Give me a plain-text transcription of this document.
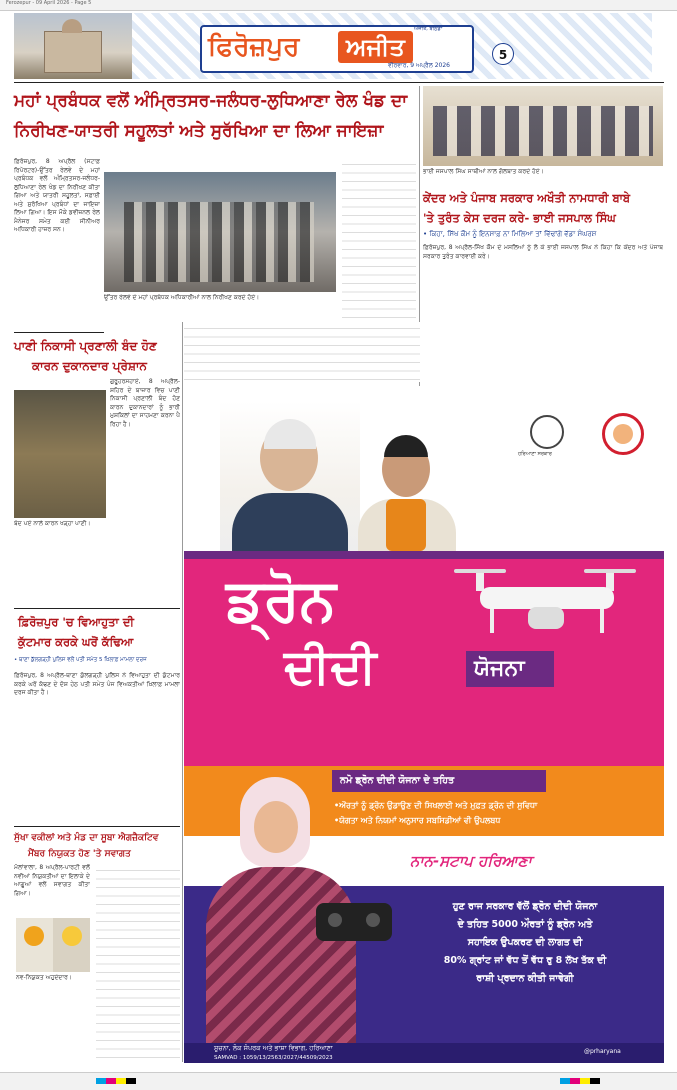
Ferozepur - 09 April 2026 - Page 5
ਫਿਰੋਜ਼ਪੁਰ	ਅਜੀਤ
ਅਜੀਤ, ਬਠਿੰਡਾ
ਵੀਰਵਾਰ, 9 ਅਪ੍ਰੈਲ 2026
5
ਮਹਾਂ ਪ੍ਰਬੰਧਕ ਵਲੋਂ ਅੰਮ੍ਰਿਤਸਰ-ਜਲੰਧਰ-ਲੁਧਿਆਣਾ ਰੇਲ ਖੰਡ ਦਾ
ਨਿਰੀਖਣ-ਯਾਤਰੀ ਸਹੂਲਤਾਂ ਅਤੇ ਸੁਰੱਖਿਆ ਦਾ ਲਿਆ ਜਾਇਜ਼ਾ
ਭਾਈ ਜਸਪਾਲ ਸਿੰਘ ਸਾਥੀਆਂ ਨਾਲ ਗੱਲਬਾਤ ਕਰਦੇ ਹੋਏ।
ਕੇਂਦਰ ਅਤੇ ਪੰਜਾਬ ਸਰਕਾਰ ਅਖੌਤੀ ਨਾਮਧਾਰੀ ਬਾਬੇ
'ਤੇ ਤੁਰੰਤ ਕੇਸ ਦਰਜ ਕਰੇ- ਭਾਈ ਜਸਪਾਲ ਸਿੰਘ
• ਕਿਹਾ, ਸਿੱਖ ਕੌਮ ਨੂੰ ਇਨਸਾਫ਼ ਨਾ ਮਿਲਿਆ ਤਾਂ ਵਿੱਢਾਂਗੇ ਵੱਡਾ ਸੰਘਰਸ਼
ਫ਼ਿਰੋਜ਼ਪੁਰ, 8 ਅਪ੍ਰੈਲ-ਸਿੱਖ ਕੌਮ ਦੇ ਮਸਲਿਆਂ ਨੂੰ ਲੈ ਕੇ ਭਾਈ ਜਸਪਾਲ ਸਿੰਘ ਨੇ ਕਿਹਾ ਕਿ ਕੇਂਦਰ ਅਤੇ ਪੰਜਾਬ ਸਰਕਾਰ ਤੁਰੰਤ ਕਾਰਵਾਈ ਕਰੇ।
ਫ਼ਿਰੋਜ਼ਪੁਰ, 8 ਅਪ੍ਰੈਲ (ਸਟਾਫ਼ ਰਿਪੋਰਟਰ)-ਉੱਤਰ ਰੇਲਵੇ ਦੇ ਮਹਾਂ ਪ੍ਰਬੰਧਕ ਵਲੋਂ ਅੰਮ੍ਰਿਤਸਰ-ਜਲੰਧਰ-ਲੁਧਿਆਣਾ ਰੇਲ ਖੰਡ ਦਾ ਨਿਰੀਖਣ ਕੀਤਾ ਗਿਆ ਅਤੇ ਯਾਤਰੀ ਸਹੂਲਤਾਂ, ਸਫ਼ਾਈ ਅਤੇ ਸੁਰੱਖਿਆ ਪ੍ਰਬੰਧਾਂ ਦਾ ਜਾਇਜ਼ਾ ਲਿਆ ਗਿਆ। ਇਸ ਮੌਕੇ ਡਵੀਜ਼ਨਲ ਰੇਲ ਮੈਨੇਜਰ ਸਮੇਤ ਕਈ ਸੀਨੀਅਰ ਅਧਿਕਾਰੀ ਹਾਜ਼ਰ ਸਨ।
ਉੱਤਰ ਰੇਲਵੇ ਦੇ ਮਹਾਂ ਪ੍ਰਬੰਧਕ ਅਧਿਕਾਰੀਆਂ ਨਾਲ ਨਿਰੀਖਣ ਕਰਦੇ ਹੋਏ।
ਪਾਣੀ ਨਿਕਾਸੀ ਪ੍ਰਣਾਲੀ ਬੰਦ ਹੋਣ
ਕਾਰਨ ਦੁਕਾਨਦਾਰ ਪ੍ਰੇਸ਼ਾਨ
ਬੰਦ ਪਏ ਨਾਲੇ ਕਾਰਨ ਖੜ੍ਹਾ ਪਾਣੀ।
ਗੁਰੂਹਰਸਹਾਏ, 8 ਅਪ੍ਰੈਲ-ਸ਼ਹਿਰ ਦੇ ਬਾਜ਼ਾਰ ਵਿਚ ਪਾਣੀ ਨਿਕਾਸੀ ਪ੍ਰਣਾਲੀ ਬੰਦ ਹੋਣ ਕਾਰਨ ਦੁਕਾਨਦਾਰਾਂ ਨੂੰ ਭਾਰੀ ਮੁਸ਼ਕਿਲਾਂ ਦਾ ਸਾਹਮਣਾ ਕਰਨਾ ਪੈ ਰਿਹਾ ਹੈ।
ਫ਼ਿਰੋਜ਼ਪੁਰ 'ਚ ਵਿਆਹੁਤਾ ਦੀ
ਕੁੱਟਮਾਰ ਕਰਕੇ ਘਰੋਂ ਕੱਢਿਆ
• ਥਾਣਾ ਕੁੱਲਗੜ੍ਹੀ ਪੁਲਿਸ ਵਲੋਂ ਪਤੀ ਸਮੇਤ 5 ਖ਼ਿਲਾਫ਼ ਮਾਮਲਾ ਦਰਜ
ਫ਼ਿਰੋਜ਼ਪੁਰ, 8 ਅਪ੍ਰੈਲ-ਥਾਣਾ ਕੁੱਲਗੜ੍ਹੀ ਪੁਲਿਸ ਨੇ ਵਿਆਹੁਤਾ ਦੀ ਕੁੱਟਮਾਰ ਕਰਕੇ ਘਰੋਂ ਕੱਢਣ ਦੇ ਦੋਸ਼ ਹੇਠ ਪਤੀ ਸਮੇਤ ਪੰਜ ਵਿਅਕਤੀਆਂ ਖ਼ਿਲਾਫ਼ ਮਾਮਲਾ ਦਰਜ ਕੀਤਾ ਹੈ।
ਸੁੱਖਾ ਵਕੀਲਾਂ ਅਤੇ ਮੰਡ ਦਾ ਸੂਬਾ ਐਗਜ਼ੈਕਟਿਵ
ਮੈਂਬਰ ਨਿਯੁਕਤ ਹੋਣ 'ਤੇ ਸਵਾਗਤ
ਮੱਲਾਂਵਾਲਾ, 8 ਅਪ੍ਰੈਲ-ਪਾਰਟੀ ਵਲੋਂ ਨਵੀਆਂ ਨਿਯੁਕਤੀਆਂ ਦਾ ਇਲਾਕੇ ਦੇ ਆਗੂਆਂ ਵਲੋਂ ਸਵਾਗਤ ਕੀਤਾ ਗਿਆ।
ਨਵ-ਨਿਯੁਕਤ ਅਹੁਦੇਦਾਰ।
ਹਰਿਆਣਾ ਸਰਕਾਰ
ਡ੍ਰੋਨ
ਦੀਦੀ	ਯੋਜਨਾ
ਨਮੋ ਡ੍ਰੋਨ ਦੀਦੀ ਯੋਜਨਾ ਦੇ ਤਹਿਤ
•ਔਰਤਾਂ ਨੂੰ ਡ੍ਰੋਨ ਉਡਾਉਣ ਦੀ ਸਿਖਲਾਈ ਅਤੇ ਮੁਫ਼ਤ ਡ੍ਰੋਨ ਦੀ ਸੁਵਿਧਾ
•ਯੋਗਤਾ ਅਤੇ ਨਿਯਮਾਂ ਅਨੁਸਾਰ ਸਬਸਿਡੀਆਂ ਵੀ ਉਪਲਬਧ
ਨਾਨ-ਸਟਾਪ ਹਰਿਆਣਾ
ਹੁਣ ਰਾਜ ਸਰਕਾਰ ਵੱਲੋਂ ਡ੍ਰੋਨ ਦੀਦੀ ਯੋਜਨਾ
ਦੇ ਤਹਿਤ 5000 ਔਰਤਾਂ ਨੂੰ ਡ੍ਰੋਨ ਅਤੇ
ਸਹਾਇਕ ਉਪਕਰਣ ਦੀ ਲਾਗਤ ਦੀ
80% ਗ੍ਰਾਂਟ ਜਾਂ ਵੱਧ ਤੋਂ ਵੱਧ ਰੁ 8 ਲੱਖ ਤੱਕ ਦੀ
ਰਾਸ਼ੀ ਪ੍ਰਦਾਨ ਕੀਤੀ ਜਾਵੇਗੀ
ਸੂਚਨਾ, ਲੋਕ ਸੰਪਰਕ ਅਤੇ ਭਾਸ਼ਾ ਵਿਭਾਗ, ਹਰਿਆਣਾ
SAMVAD : 1059/13/2563/2027/44509/2023
@prharyana
